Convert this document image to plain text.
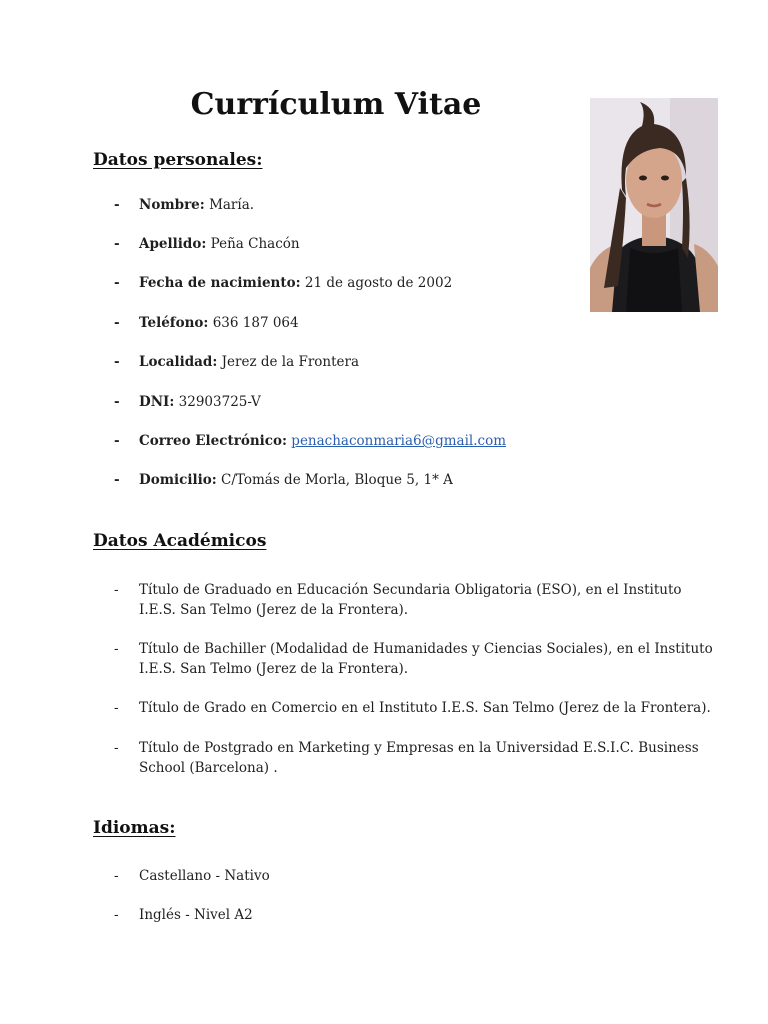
Currículum Vitae
Datos personales:
-	Nombre: María.
-	Apellido: Peña Chacón
-	Fecha de nacimiento: 21 de agosto de 2002
-	Teléfono: 636 187 064
-	Localidad: Jerez de la Frontera
-	DNI: 32903725-V
-	Correo Electrónico: penachaconmaria6@gmail.com
-	Domicilio: C/Tomás de Morla, Bloque 5, 1* A
Datos Académicos
-	Título de Graduado en Educación Secundaria Obligatoria (ESO), en el Instituto I.E.S. San Telmo (Jerez de la Frontera).
-	Título de Bachiller (Modalidad de Humanidades y Ciencias Sociales), en el Instituto I.E.S. San Telmo (Jerez de la Frontera).
-	Título de Grado en Comercio en el Instituto I.E.S. San Telmo (Jerez de la Frontera).
-	Título de Postgrado en Marketing y Empresas en la Universidad E.S.I.C. Business School (Barcelona) .
Idiomas:
-	Castellano - Nativo
-	Inglés - Nivel A2
